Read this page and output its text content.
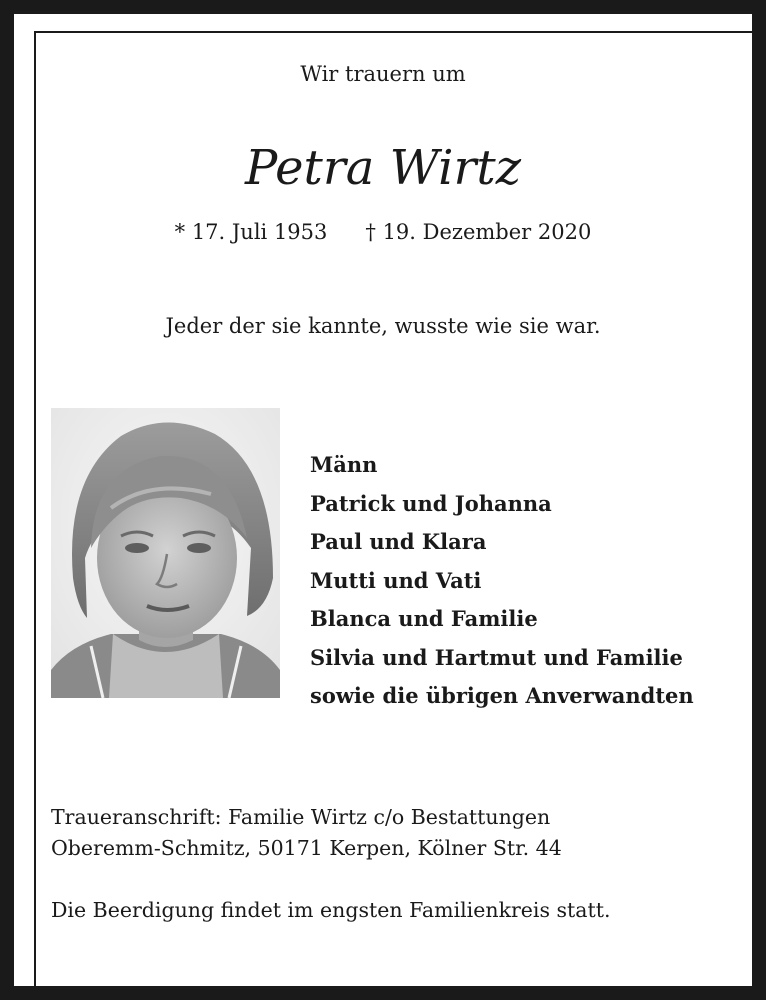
Wir trauern um
Petra Wirtz
* 17. Juli 1953 † 19. Dezember 2020
Jeder der sie kannte, wusste wie sie war.
Männ
Patrick und Johanna
Paul und Klara
Mutti und Vati
Blanca und Familie
Silvia und Hartmut und Familie
sowie die übrigen Anverwandten
Traueranschrift: Familie Wirtz c/o Bestattungen
Oberemm-Schmitz, 50171 Kerpen, Kölner Str. 44
Die Beerdigung findet im engsten Familienkreis statt.
